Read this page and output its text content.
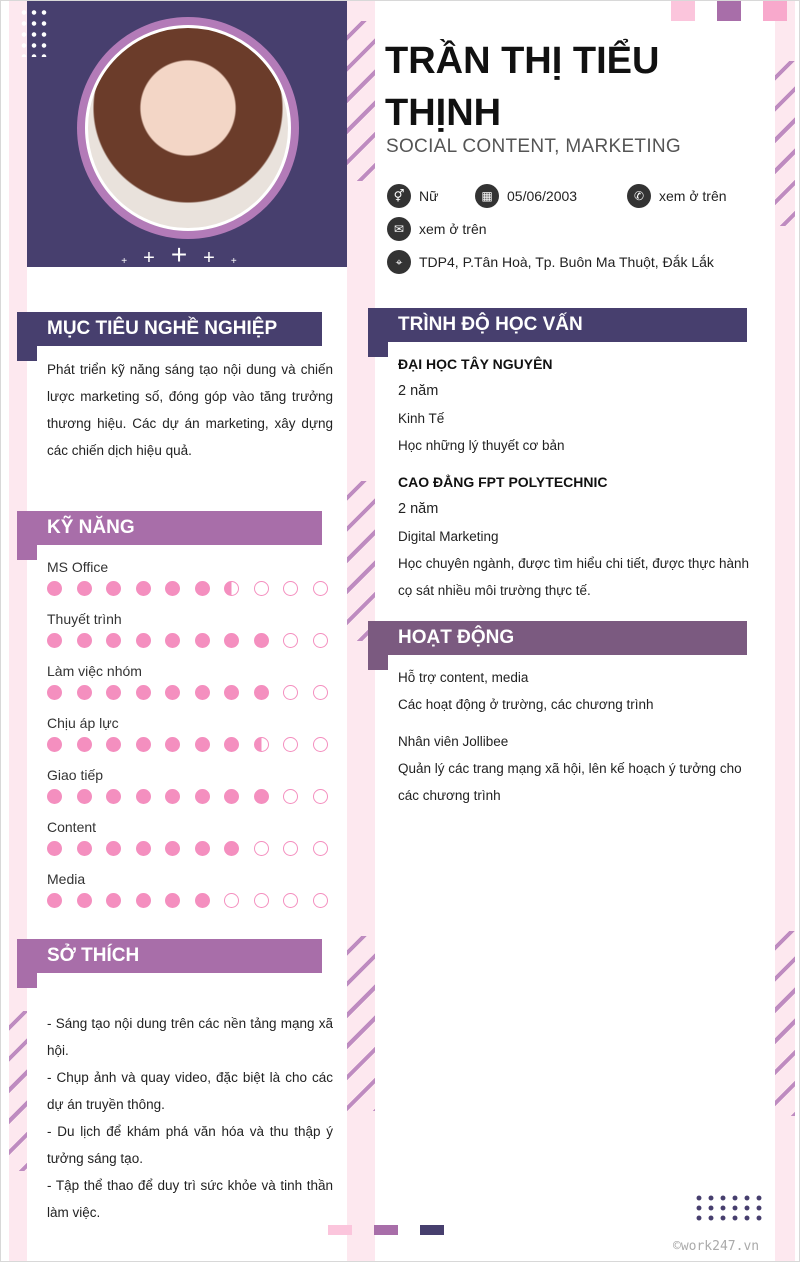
+++++
TRẦN THỊ TIỂU THỊNH
SOCIAL CONTENT, MARKETING
⚥	Nữ	▦	05/06/2003	✆	xem ở trên
✉	xem ở trên
⌖	TDP4, P.Tân Hoà, Tp. Buôn Ma Thuột, Đắk Lắk
MỤC TIÊU NGHỀ NGHIỆP
Phát triển kỹ năng sáng tạo nội dung và chiến lược marketing số, đóng góp vào tăng trưởng thương hiệu. Các dự án marketing, xây dựng các chiến dịch hiệu quả.
KỸ NĂNG
MS Office
Thuyết trình
Làm việc nhóm
Chịu áp lực
Giao tiếp
Content
Media
SỞ THÍCH
- Sáng tạo nội dung trên các nền tảng mạng xã hội.
- Chụp ảnh và quay video, đặc biệt là cho các dự án truyền thông.
- Du lịch để khám phá văn hóa và thu thập ý tưởng sáng tạo.
- Tập thể thao để duy trì sức khỏe và tinh thần làm việc.
TRÌNH ĐỘ HỌC VẤN
ĐẠI HỌC TÂY NGUYÊN
2 năm
Kinh Tế
Học những lý thuyết cơ bản
CAO ĐẲNG FPT POLYTECHNIC
2 năm
Digital Marketing
Học chuyên ngành, được tìm hiểu chi tiết, được thực hành cọ sát nhiều môi trường thực tế.
HOẠT ĐỘNG
Hỗ trợ content, media
Các hoạt động ở trường, các chương trình
Nhân viên Jollibee
Quản lý các trang mạng xã hội, lên kế hoạch ý tưởng cho các chương trình
©work247.vn
